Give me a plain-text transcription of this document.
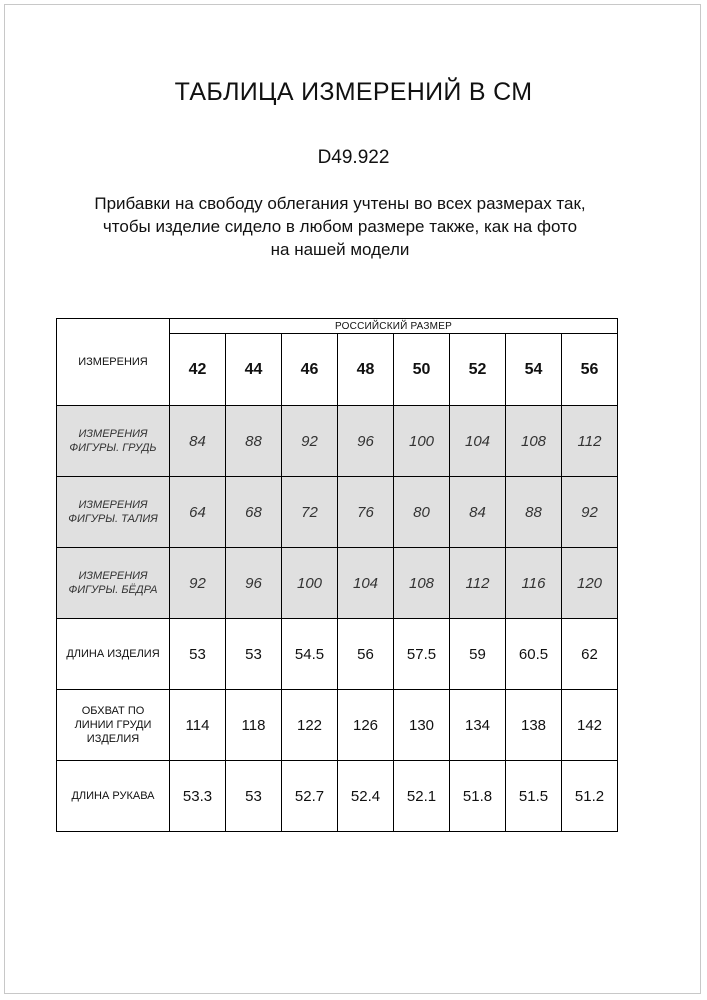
ТАБЛИЦА ИЗМЕРЕНИЙ В СМ
D49.922
Прибавки на свободу облегания учтены во всех размерах так,
чтобы изделие сидело в любом размере также, как на фото
на нашей модели
ИЗМЕРЕНИЯ	РОССИЙСКИЙ РАЗМЕР							
	42	44	46	48	50	52	54	56

ИЗМЕРЕНИЯ
ФИГУРЫ. ГРУДЬ	84	88	92	96	100	104	108	112

ИЗМЕРЕНИЯ
ФИГУРЫ. ТАЛИЯ	64	68	72	76	80	84	88	92

ИЗМЕРЕНИЯ
ФИГУРЫ. БЁДРА	92	96	100	104	108	112	116	120

ДЛИНА ИЗДЕЛИЯ	53	53	54.5	56	57.5	59	60.5	62

ОБХВАТ ПО
ЛИНИИ ГРУДИ
ИЗДЕЛИЯ	114	118	122	126	130	134	138	142

ДЛИНА РУКАВА	53.3	53	52.7	52.4	52.1	51.8	51.5	51.2
